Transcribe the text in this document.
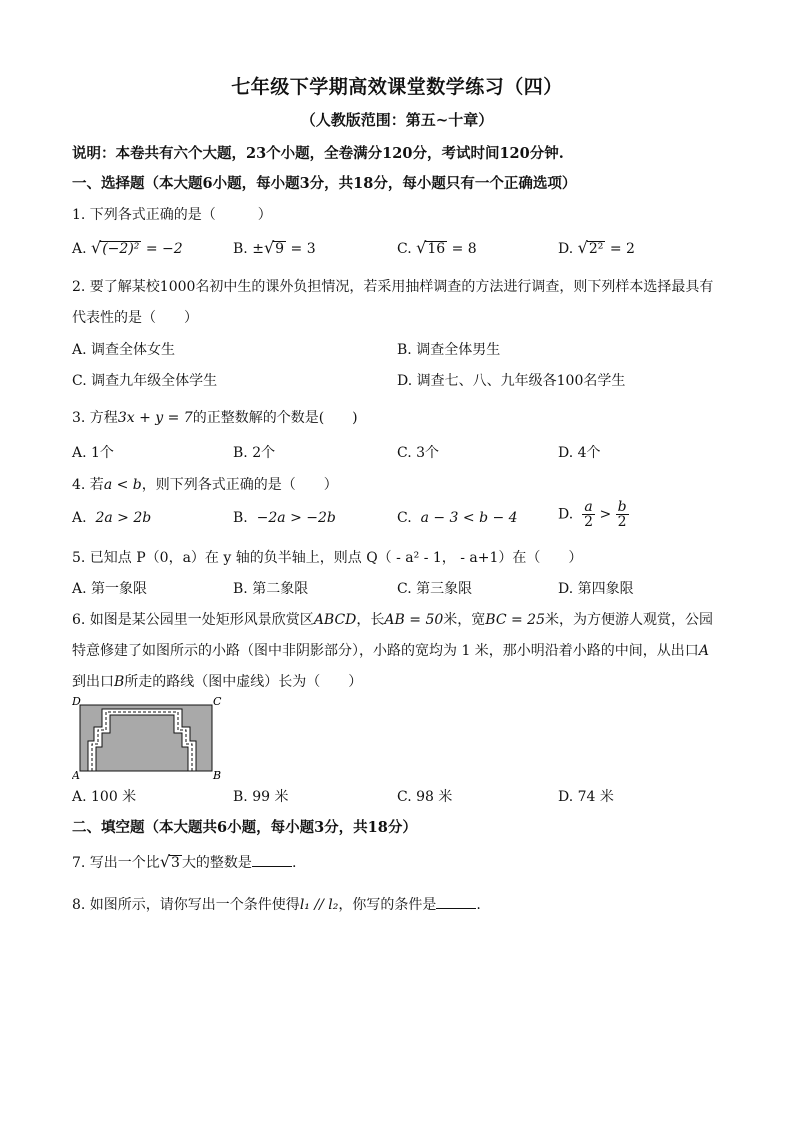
七年级下学期高效课堂数学练习（四）
（人教版范围：第五~十章）
说明：本卷共有六个大题，23个小题，全卷满分120分，考试时间120分钟.
一、选择题（本大题6小题，每小题3分，共18分，每小题只有一个正确选项）
1. 下列各式正确的是（　　　）
A. √(−2)² = −2	B. ±√9 = 3	C. √16 = 8	D. √2² = 2
2. 要了解某校1000名初中生的课外负担情况，若采用抽样调查的方法进行调查，则下列样本选择最具有
代表性的是（　　）
A. 调查全体女生	B. 调查全体男生
C. 调查九年级全体学生	D. 调查七、八、九年级各100名学生
3. 方程3x + y = 7的正整数解的个数是(　　)
A. 1个	B. 2个	C. 3个	D. 4个
4. 若a < b，则下列各式正确的是（　　）
A. 2a > 2b	B. −2a > −2b	C. a − 3 < b − 4	D. $\frac{a}{2} > \frac{b}{2}$
5. 已知点 P（0，a）在 y 轴的负半轴上，则点 Q（ - a² - 1， - a+1）在（　　）
A. 第一象限	B. 第二象限	C. 第三象限	D. 第四象限
6. 如图是某公园里一处矩形风景欣赏区ABCD，长AB = 50米，宽BC = 25米，为方便游人观赏，公园
特意修建了如图所示的小路（图中非阴影部分），小路的宽均为 1 米，那小明沿着小路的中间，从出口A
到出口B所走的路线（图中虚线）长为（　　）
D	C
A	B
A. 100 米	B. 99 米	C. 98 米	D. 74 米
二、填空题（本大题共6小题，每小题3分，共18分）
7. 写出一个比√3 大的整数是	.
8. 如图所示，请你写出一个条件使得l₁ // l₂，你写的条件是	.
